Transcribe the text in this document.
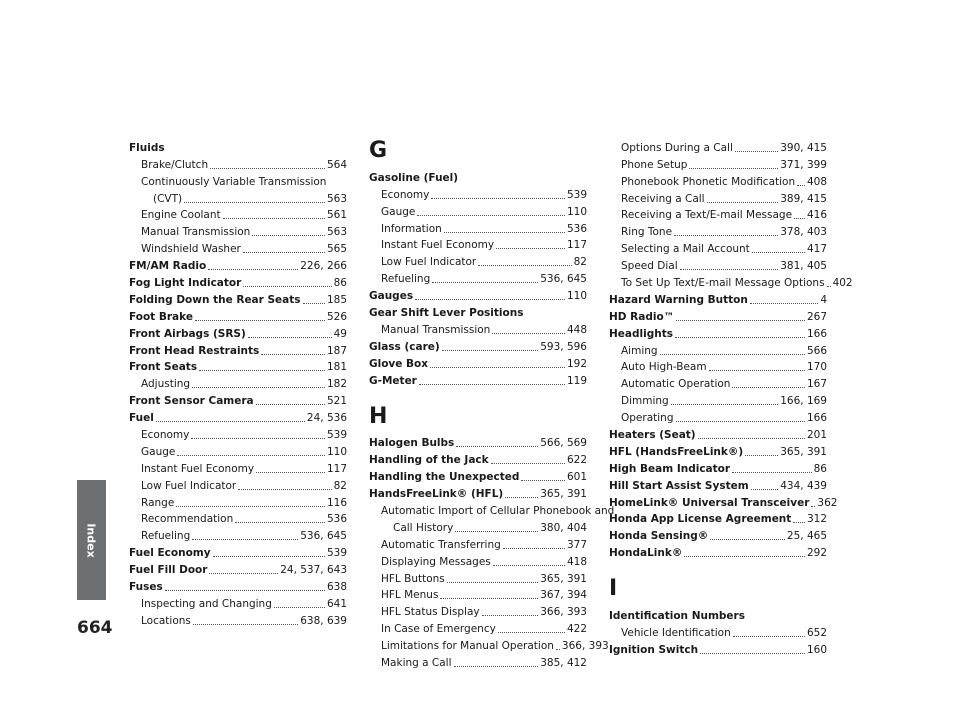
Index
664
Fluids
Brake/Clutch	564
Continuously Variable Transmission
(CVT)	563
Engine Coolant	561
Manual Transmission	563
Windshield Washer	565
FM/AM Radio	226, 266
Fog Light Indicator	86
Folding Down the Rear Seats	185
Foot Brake	526
Front Airbags (SRS)	49
Front Head Restraints	187
Front Seats	181
Adjusting	182
Front Sensor Camera	521
Fuel	24, 536
Economy	539
Gauge	110
Instant Fuel Economy	117
Low Fuel Indicator	82
Range	116
Recommendation	536
Refueling	536, 645
Fuel Economy	539
Fuel Fill Door	24, 537, 643
Fuses	638
Inspecting and Changing	641
Locations	638, 639
G
Gasoline (Fuel)
Economy	539
Gauge	110
Information	536
Instant Fuel Economy	117
Low Fuel Indicator	82
Refueling	536, 645
Gauges	110
Gear Shift Lever Positions
Manual Transmission	448
Glass (care)	593, 596
Glove Box	192
G-Meter	119
H
Halogen Bulbs	566, 569
Handling of the Jack	622
Handling the Unexpected	601
HandsFreeLink® (HFL)	365, 391
Automatic Import of Cellular Phonebook and
Call History	380, 404
Automatic Transferring	377
Displaying Messages	418
HFL Buttons	365, 391
HFL Menus	367, 394
HFL Status Display	366, 393
In Case of Emergency	422
Limitations for Manual Operation 366, 393
Making a Call	385, 412
Options During a Call	390, 415
Phone Setup	371, 399
Phonebook Phonetic Modification 408
Receiving a Call	389, 415
Receiving a Text/E-mail Message 416
Ring Tone	378, 403
Selecting a Mail Account	417
Speed Dial	381, 405
To Set Up Text/E-mail Message Options 402
Hazard Warning Button	4
HD Radio™	267
Headlights	166
Aiming	566
Auto High-Beam	170
Automatic Operation	167
Dimming	166, 169
Operating	166
Heaters (Seat)	201
HFL (HandsFreeLink®)	365, 391
High Beam Indicator	86
Hill Start Assist System	434, 439
HomeLink® Universal Transceiver 362
Honda App License Agreement 312
Honda Sensing®	25, 465
HondaLink®	292
I
Identification Numbers
Vehicle Identification	652
Ignition Switch	160
